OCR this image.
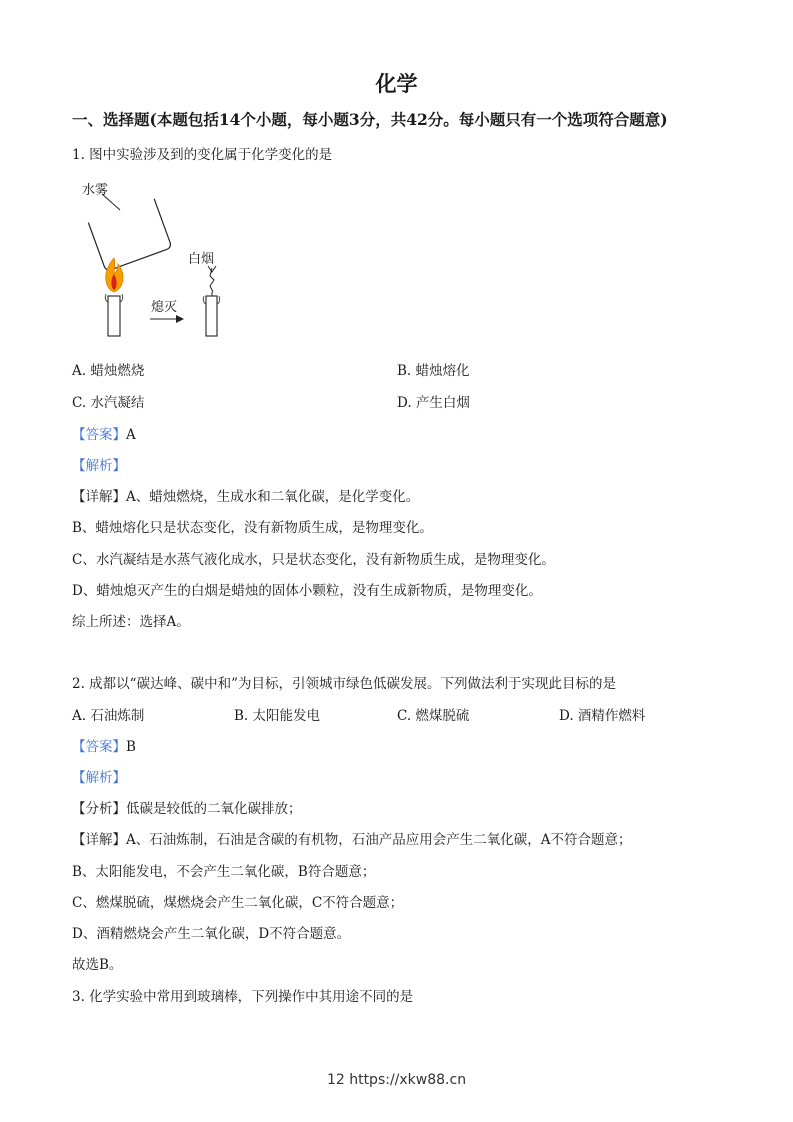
化学
一、选择题(本题包括14个小题，每小题3分，共42分。每小题只有一个选项符合题意)
1. 图中实验涉及到的变化属于化学变化的是
水雾
白烟
熄灭
A. 蜡烛燃烧	B. 蜡烛熔化
C. 水汽凝结	D. 产生白烟
【答案】A
【解析】
【详解】A、蜡烛燃烧，生成水和二氧化碳，是化学变化。
B、蜡烛熔化只是状态变化，没有新物质生成，是物理变化。
C、水汽凝结是水蒸气液化成水，只是状态变化，没有新物质生成，是物理变化。
D、蜡烛熄灭产生的白烟是蜡烛的固体小颗粒，没有生成新物质，是物理变化。
综上所述：选择A。
2. 成都以“碳达峰、碳中和”为目标，引领城市绿色低碳发展。下列做法利于实现此目标的是
A. 石油炼制	B. 太阳能发电	C. 燃煤脱硫	D. 酒精作燃料
【答案】B
【解析】
【分析】低碳是较低的二氧化碳排放；
【详解】A、石油炼制，石油是含碳的有机物，石油产品应用会产生二氧化碳，A不符合题意；
B、太阳能发电，不会产生二氧化碳，B符合题意；
C、燃煤脱硫，煤燃烧会产生二氧化碳，C不符合题意；
D、酒精燃烧会产生二氧化碳，D不符合题意。
故选B。
3. 化学实验中常用到玻璃棒，下列操作中其用途不同的是
12 https://xkw88.cn
